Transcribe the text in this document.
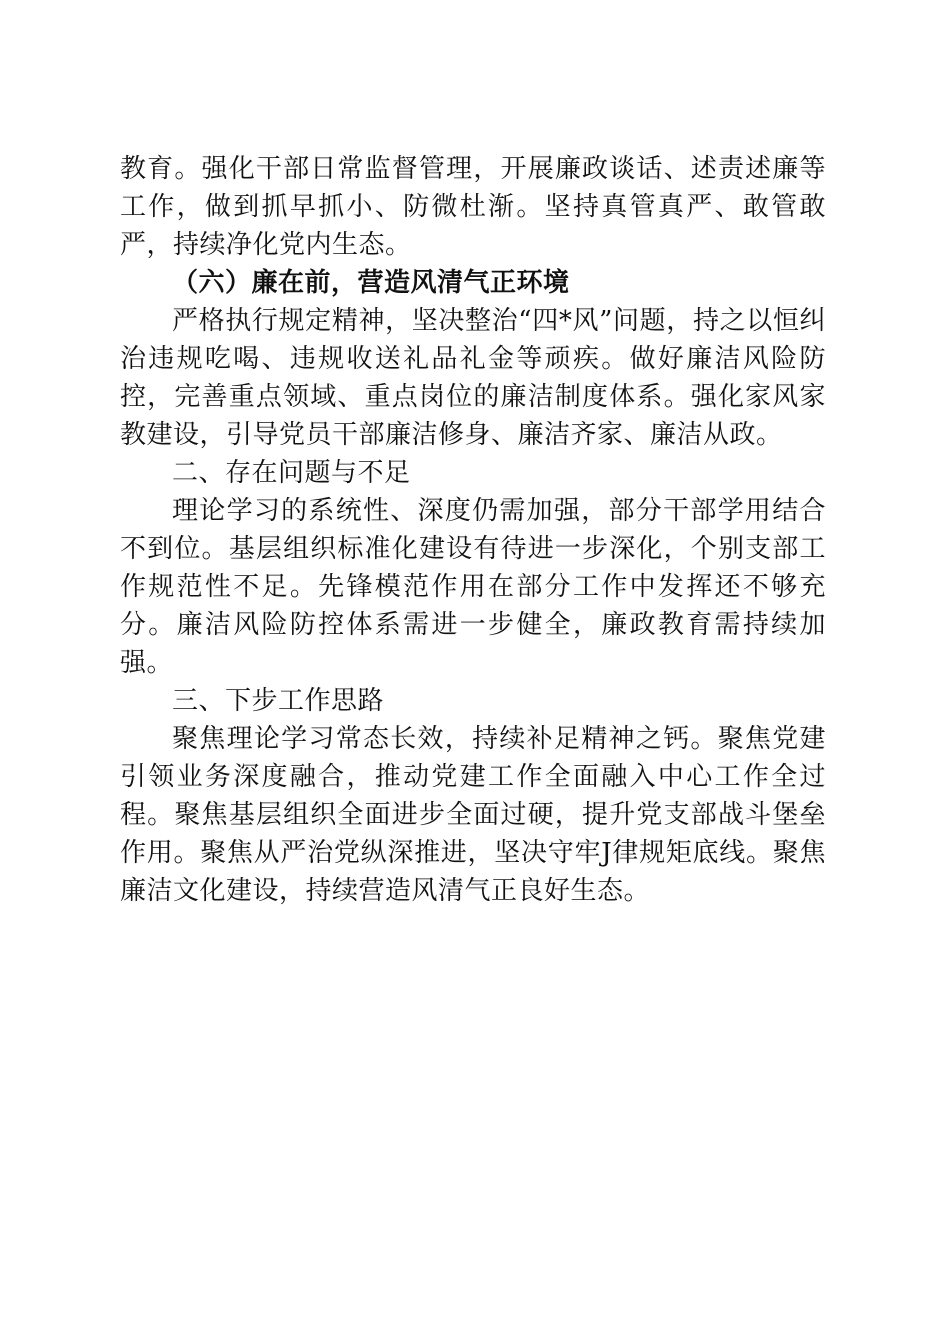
教育。强化干部日常监督管理，开展廉政谈话、述责述廉等工作，做到抓早抓小、防微杜渐。坚持真管真严、敢管敢严，持续净化党内生态。

（六）廉在前，营造风清气正环境

严格执行规定精神，坚决整治“四*风”问题，持之以恒纠治违规吃喝、违规收送礼品礼金等顽疾。做好廉洁风险防控，完善重点领域、重点岗位的廉洁制度体系。强化家风家教建设，引导党员干部廉洁修身、廉洁齐家、廉洁从政。

二、存在问题与不足

理论学习的系统性、深度仍需加强，部分干部学用结合不到位。基层组织标准化建设有待进一步深化，个别支部工作规范性不足。先锋模范作用在部分工作中发挥还不够充分。廉洁风险防控体系需进一步健全，廉政教育需持续加强。

三、下步工作思路

聚焦理论学习常态长效，持续补足精神之钙。聚焦党建引领业务深度融合，推动党建工作全面融入中心工作全过程。聚焦基层组织全面进步全面过硬，提升党支部战斗堡垒作用。聚焦从严治党纵深推进，坚决守牢J律规矩底线。聚焦廉洁文化建设，持续营造风清气正良好生态。
